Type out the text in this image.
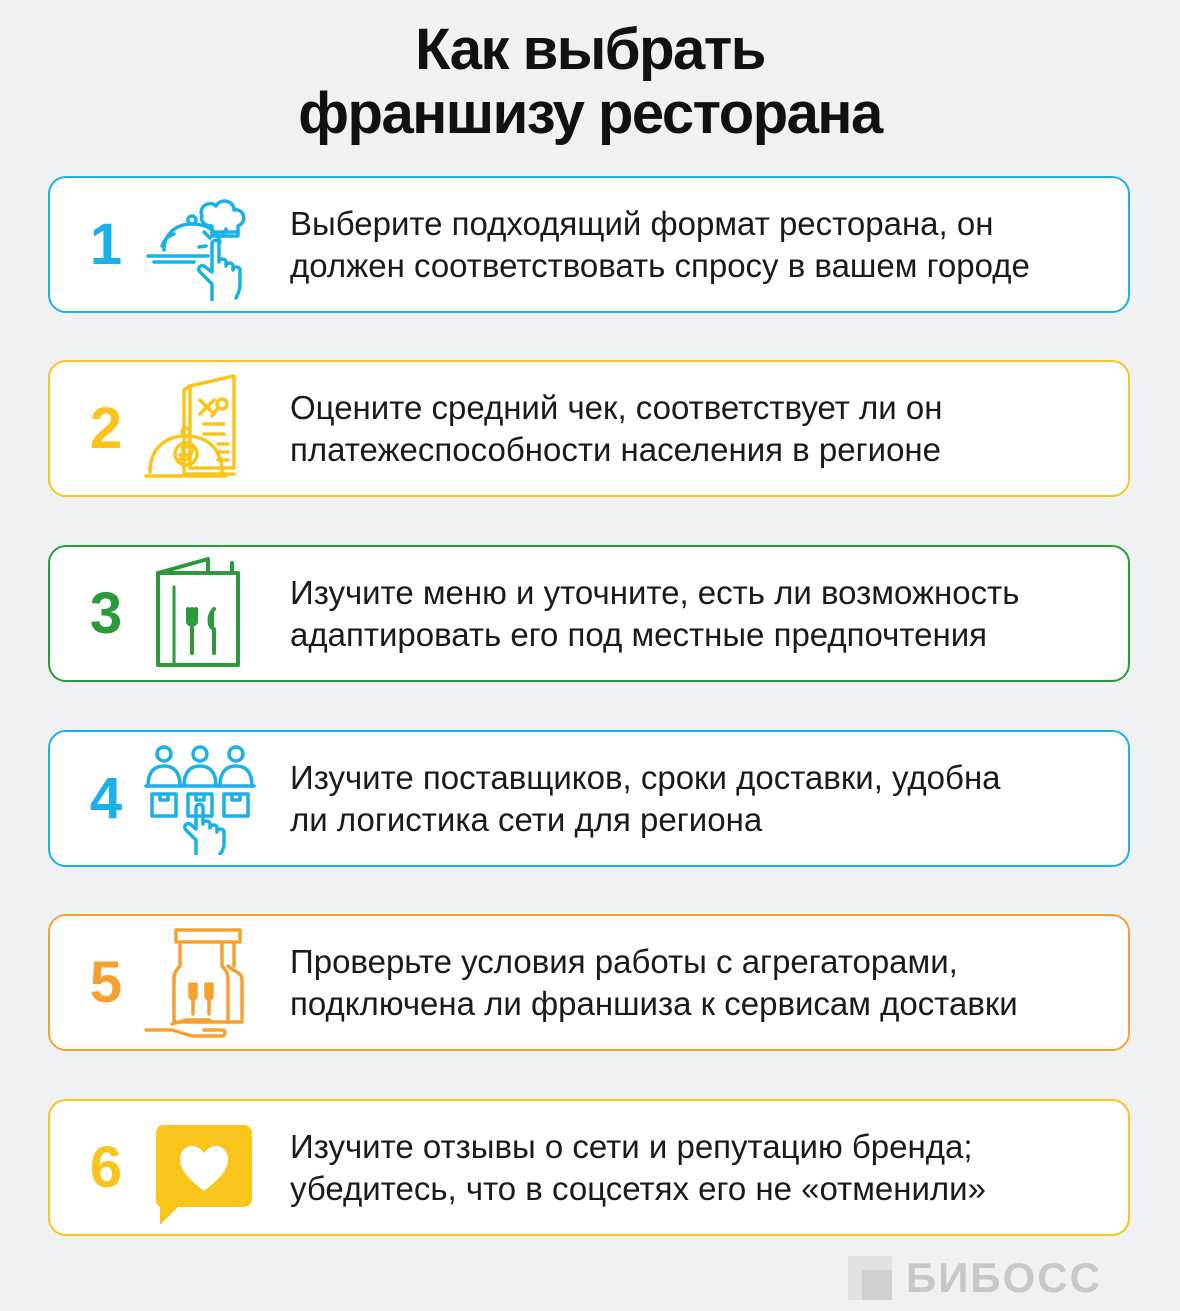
Как выбрать
франшизу ресторана
1	Выберите подходящий формат ресторана, он
должен соответствовать спросу в вашем городе
2	Оцените средний чек, соответствует ли он
платежеспособности населения в регионе
3	Изучите меню и уточните, есть ли возможность
адаптировать его под местные предпочтения
4	Изучите поставщиков, сроки доставки, удобна
ли логистика сети для региона
5	Проверьте условия работы с агрегаторами,
подключена ли франшиза к сервисам доставки
6	Изучите отзывы о сети и репутацию бренда;
убедитесь, что в соцсетях его не «отменили»
БИБОСС
